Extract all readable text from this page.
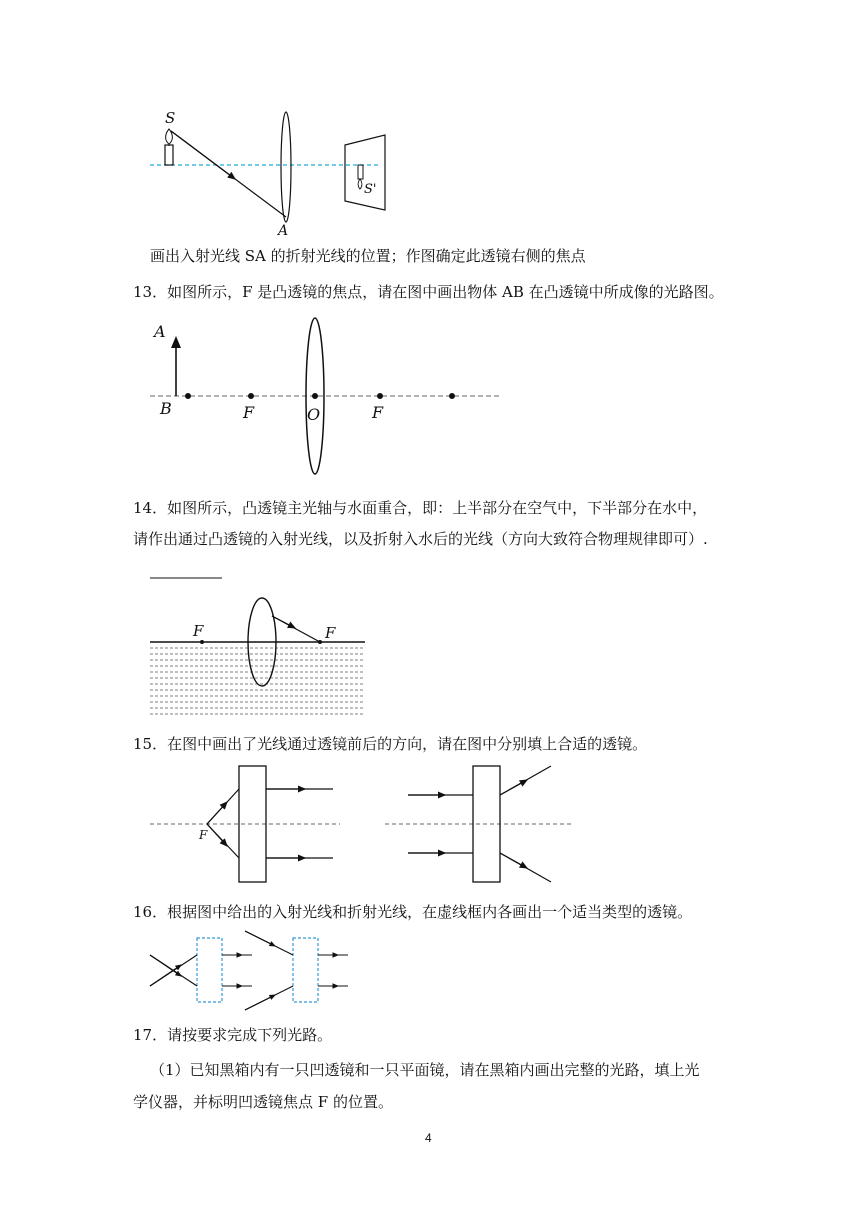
S
A
S'
画出入射光线 SA 的折射光线的位置；作图确定此透镜右侧的焦点
13．如图所示，F 是凸透镜的焦点，请在图中画出物体 AB 在凸透镜中所成像的光路图。
A
B	F	O	F
14．如图所示，凸透镜主光轴与水面重合，即：上半部分在空气中，下半部分在水中，
请作出通过凸透镜的入射光线，以及折射入水后的光线（方向大致符合物理规律即可）.
F	F
15．在图中画出了光线通过透镜前后的方向，请在图中分别填上合适的透镜。
F
16．根据图中给出的入射光线和折射光线，在虚线框内各画出一个适当类型的透镜。
17．请按要求完成下列光路。
（1）已知黑箱内有一只凹透镜和一只平面镜，请在黑箱内画出完整的光路，填上光
学仪器，并标明凹透镜焦点 F 的位置。
4
